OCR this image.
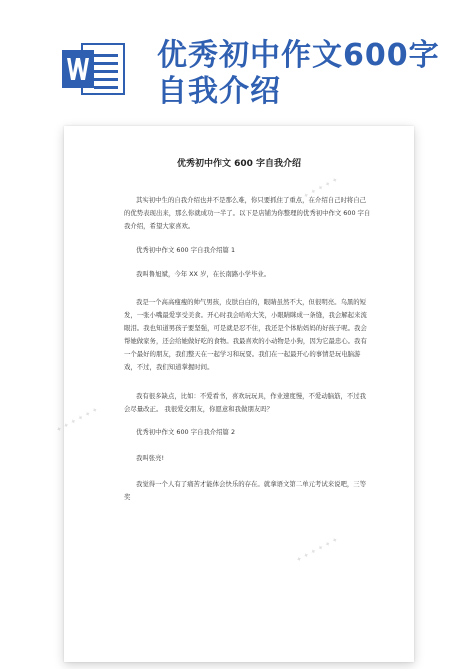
优秀初中作文600字自我介绍
✦ ✦ ✦ ✦ ✦ ✦
✦ ✦ ✦ ✦ ✦ ✦
✦ ✦ ✦ ✦ ✦ ✦
优秀初中作文 600 字自我介绍

其实初中生的自我介绍也并不是那么难，你只要抓住了重点，在介绍自己时将自己的优势表现出来，那么你就成功一半了。以下是店铺为你整理的优秀初中作文 600 字自我介绍，希望大家喜欢。

优秀初中作文 600 字自我介绍篇 1

我叫鲁旭斌，今年 XX 岁，在长南路小学毕业。

我是一个高高瘦瘦的帅气男孩，皮肤白白的，眼睛虽然不大，但很明亮。乌黑的短发，一张小嘴最爱享受美食。开心时我会哈哈大笑，小眼睛眯成一条缝，我会解起来流眼泪。我也知道男孩子要坚强，可是就是忍不住，我还是个体贴妈妈的好孩子呢。我会帮她做家务，还会给她做好吃的食物。我最喜欢的小动物是小狗，因为它最忠心。我有一个最好的朋友，我们整天在一起学习和玩耍。我们在一起最开心的事情是玩电脑游戏，不过，我们知道掌握时间。

我有很多缺点，比如：不爱看书，喜欢玩玩具，作业速度慢，不爱动脑筋，不过我会尽量改正。 我很爱交朋友，你愿意和我做朋友吗？

优秀初中作文 600 字自我介绍篇 2

我叫张亮!

我觉得一个人有了痛苦才能体会快乐的存在。就拿语文第二单元考试来说吧，三等奖
